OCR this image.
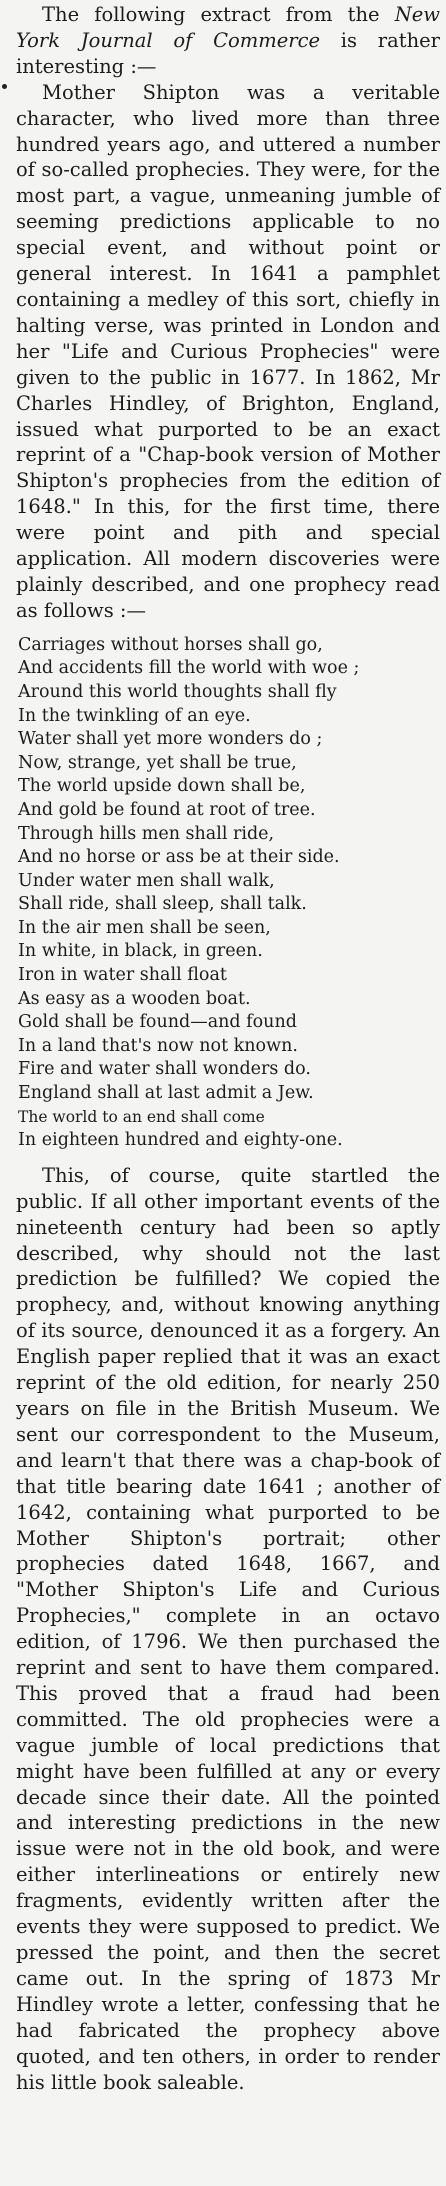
The following extract from the New York Journal of Commerce is rather interesting :—

Mother Shipton was a veritable character, who lived more than three hundred years ago, and uttered a number of so-called prophecies. They were, for the most part, a vague, unmeaning jumble of seeming predictions applicable to no special event, and without point or general interest. In 1641 a pamphlet containing a medley of this sort, chiefly in halting verse, was printed in London and her "Life and Curious Prophecies" were given to the public in 1677. In 1862, Mr Charles Hindley, of Brighton, England, issued what purported to be an exact reprint of a "Chap-book version of Mother Shipton's prophecies from the edition of 1648." In this, for the first time, there were point and pith and special application. All modern discoveries were plainly described, and one prophecy read as follows :—

Carriages without horses shall go,
And accidents fill the world with woe ;
Around this world thoughts shall fly
In the twinkling of an eye.
Water shall yet more wonders do ;
Now, strange, yet shall be true,
The world upside down shall be,
And gold be found at root of tree.
Through hills men shall ride,
And no horse or ass be at their side.
Under water men shall walk,
Shall ride, shall sleep, shall talk.
In the air men shall be seen,
In white, in black, in green.
Iron in water shall float
As easy as a wooden boat.
Gold shall be found—and found
In a land that's now not known.
Fire and water shall wonders do.
England shall at last admit a Jew.
The world to an end shall come
In eighteen hundred and eighty-one.

This, of course, quite startled the public. If all other important events of the nineteenth century had been so aptly described, why should not the last prediction be fulfilled? We copied the prophecy, and, without knowing anything of its source, denounced it as a forgery. An English paper replied that it was an exact reprint of the old edition, for nearly 250 years on file in the British Museum. We sent our correspondent to the Museum, and learn't that there was a chap-book of that title bearing date 1641 ; another of 1642, containing what purported to be Mother Shipton's portrait; other prophecies dated 1648, 1667, and "Mother Shipton's Life and Curious Prophecies," complete in an octavo edition, of 1796. We then purchased the reprint and sent to have them compared. This proved that a fraud had been committed. The old prophecies were a vague jumble of local predictions that might have been fulfilled at any or every decade since their date. All the pointed and interesting predictions in the new issue were not in the old book, and were either interlineations or entirely new fragments, evidently written after the events they were supposed to predict. We pressed the point, and then the secret came out. In the spring of 1873 Mr Hindley wrote a letter, confessing that he had fabricated the prophecy above quoted, and ten others, in order to render his little book saleable.
